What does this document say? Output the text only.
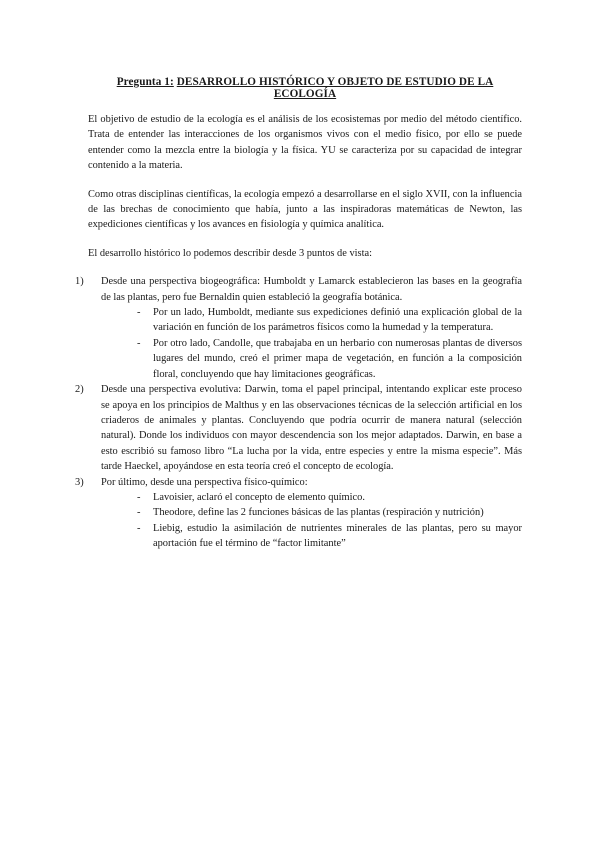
Pregunta 1: DESARROLLO HISTÓRICO Y OBJETO DE ESTUDIO DE LA ECOLOGÍA

El objetivo de estudio de la ecología es el análisis de los ecosistemas por medio del método científico. Trata de entender las interacciones de los organismos vivos con el medio físico, por ello se puede entender como la mezcla entre la biología y la física. YU se caracteriza por su capacidad de integrar contenido a la materia.

Como otras disciplinas científicas, la ecología empezó a desarrollarse en el siglo XVII, con la influencia de las brechas de conocimiento que había, junto a las inspiradoras matemáticas de Newton, las expediciones científicas y los avances en fisiología y química analítica.

El desarrollo histórico lo podemos describir desde 3 puntos de vista:

1)	Desde una perspectiva biogeográfica: Humboldt y Lamarck establecieron las bases en la geografía de las plantas, pero fue Bernaldin quien estableció la geografía botánica.
- Por un lado, Humboldt, mediante sus expediciones definió una explicación global de la variación en función de los parámetros físicos como la humedad y la temperatura.
- Por otro lado, Candolle, que trabajaba en un herbario con numerosas plantas de diversos lugares del mundo, creó el primer mapa de vegetación, en función a la composición floral, concluyendo que hay limitaciones geográficas.
2)	Desde una perspectiva evolutiva: Darwin, toma el papel principal, intentando explicar este proceso se apoya en los principios de Malthus y en las observaciones técnicas de la selección artificial en los criaderos de animales y plantas. Concluyendo que podría ocurrir de manera natural (selección natural). Donde los individuos con mayor descendencia son los mejor adaptados. Darwin, en base a esto escribió su famoso libro “La lucha por la vida, entre especies y entre la misma especie”. Más tarde Haeckel, apoyándose en esta teoría creó el concepto de ecología.
3)	Por último, desde una perspectiva físico-químico:
- Lavoisier, aclaró el concepto de elemento químico.
- Theodore, define las 2 funciones básicas de las plantas (respiración y nutrición)
- Liebig, estudio la asimilación de nutrientes minerales de las plantas, pero su mayor aportación fue el término de “factor limitante”
